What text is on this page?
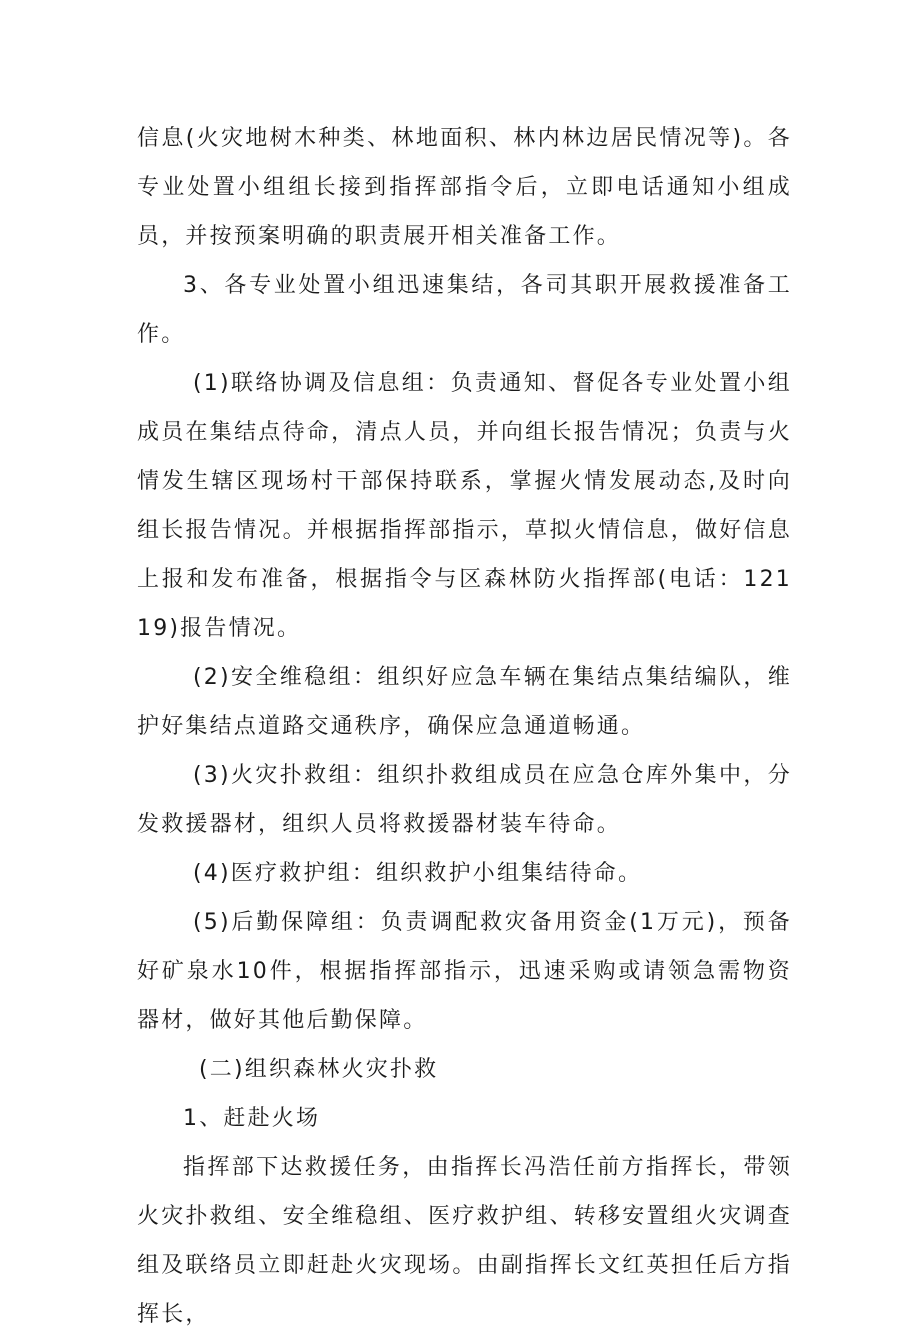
信息(火灾地树木种类、林地面积、林内林边居民情况等)。各专业处置小组组长接到指挥部指令后，立即电话通知小组成员，并按预案明确的职责展开相关准备工作。

3、各专业处置小组迅速集结，各司其职开展救援准备工作。

(1)联络协调及信息组：负责通知、督促各专业处置小组成员在集结点待命，清点人员，并向组长报告情况；负责与火情发生辖区现场村干部保持联系，掌握火情发展动态,及时向组长报告情况。并根据指挥部指示，草拟火情信息，做好信息上报和发布准备，根据指令与区森林防火指挥部(电话：12119)报告情况。

(2)安全维稳组：组织好应急车辆在集结点集结编队，维护好集结点道路交通秩序，确保应急通道畅通。

(3)火灾扑救组：组织扑救组成员在应急仓库外集中，分发救援器材，组织人员将救援器材装车待命。

(4)医疗救护组：组织救护小组集结待命。

(5)后勤保障组：负责调配救灾备用资金(1万元)，预备好矿泉水10件，根据指挥部指示，迅速采购或请领急需物资器材，做好其他后勤保障。

(二)组织森林火灾扑救

1、赶赴火场

指挥部下达救援任务，由指挥长冯浩任前方指挥长，带领火灾扑救组、安全维稳组、医疗救护组、转移安置组火灾调查组及联络员立即赶赴火灾现场。由副指挥长文红英担任后方指挥长，
